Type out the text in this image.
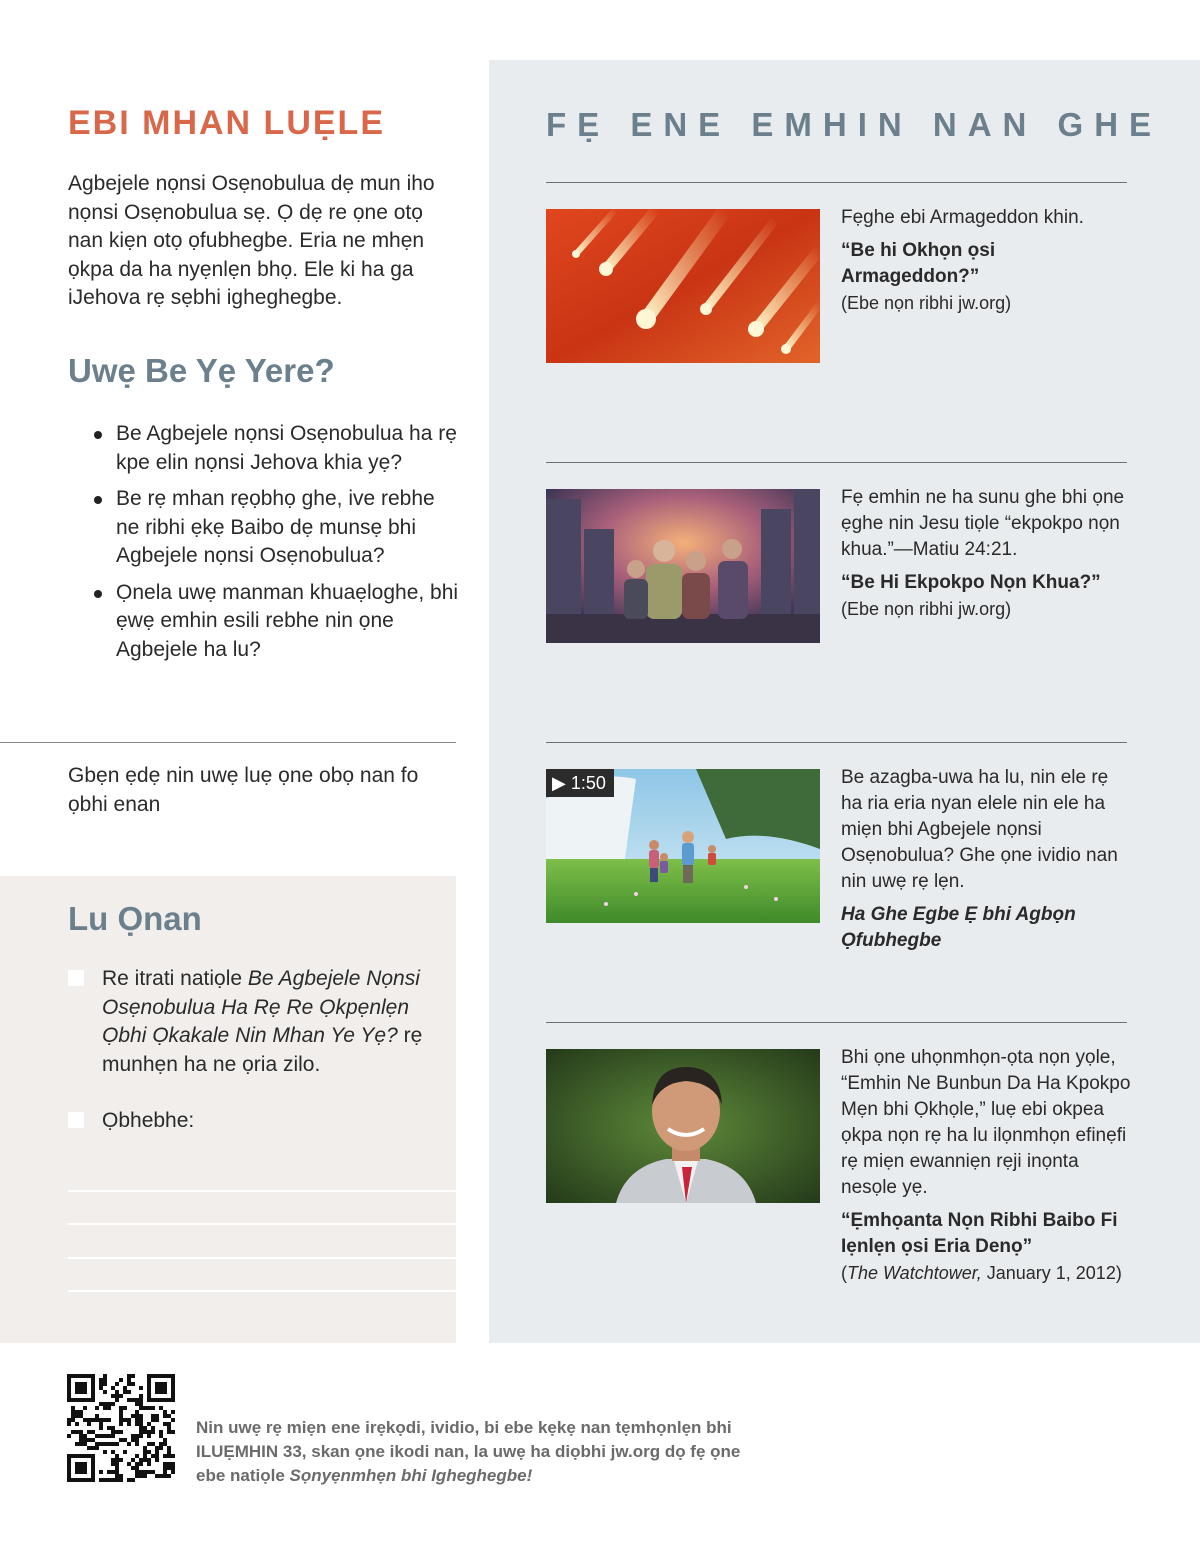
EBI MHAN LUẸLE

Agbejele nọnsi Osẹnobulua dẹ mun iho nọnsi Osẹnobulua sẹ. Ọ dẹ re ọne otọ nan kiẹn otọ ọfubhegbe. Eria ne mhẹn ọkpa da ha nyẹnlẹn bhọ. Ele ki ha ga iJehova rẹ sẹbhi igheghegbe.

Uwẹ Be Yẹ Yere?
Be Agbejele nọnsi Osẹnobulua ha rẹ kpe elin nọnsi Jehova khia yẹ?
Be rẹ mhan rẹọbhọ ghe, ive rebhe ne ribhi ẹkẹ Baibo dẹ munsẹ bhi Agbejele nọnsi Osẹnobulua?
Ọnela uwẹ manman khuaẹloghe, bhi ẹwẹ emhin esili rebhe nin ọne Agbejele ha lu?

Gbẹn ẹdẹ nin uwẹ luẹ ọne obọ nan fo ọbhi enan

Lu Ọnan
Re itrati natiọle Be Agbejele Nọnsi Osẹnobulua Ha Rẹ Re Ọkpẹnlẹn Ọbhi Ọkakale Nin Mhan Ye Yẹ? rẹ munhẹn ha ne ọria zilo.
Ọbhebhe:
FẸ ENE EMHIN NAN GHE

Fẹghe ebi Armageddon khin.

“Be hi Okhọn ọsi Armageddon?”

(Ebe nọn ribhi jw.org)

Fẹ emhin ne ha sunu ghe bhi ọne ẹghe nin Jesu tiọle “ekpokpo nọn khua.”—Matiu 24:21.

“Be Hi Ekpokpo Nọn Khua?”

(Ebe nọn ribhi jw.org)

▶ 1:50	Be azagba-uwa ha lu, nin ele rẹ ha ria eria nyan elele nin ele ha miẹn bhi Agbejele nọnsi Osẹnobulua? Ghe ọne ividio nan nin uwẹ rẹ lẹn.

Ha Ghe Egbe Ẹ bhi Agbọn Ọfubhegbe

Bhi ọne uhọnmhọn-ọta nọn yọle, “Emhin Ne Bunbun Da Ha Kpokpo Mẹn bhi Ọkhọle,” luẹ ebi okpea ọkpa nọn rẹ ha lu ilọnmhọn efinẹfi rẹ miẹn ewanniẹn rẹji inọnta nesọle yẹ.

“Ẹmhọanta Nọn Ribhi Baibo Fi Iẹnlẹn ọsi Eria Denọ”

(The Watchtower, January 1, 2012)

Nin uwẹ rẹ miẹn ene irẹkọdi, ividio, bi ebe kẹkẹ nan tẹmhọnlẹn bhi ILUẸMHIN 33, skan ọne ikodi nan, la uwẹ ha diọbhi jw.org dọ fẹ ọne ebe natiọle Sọnyẹnmhẹn bhi Igheghegbe!
